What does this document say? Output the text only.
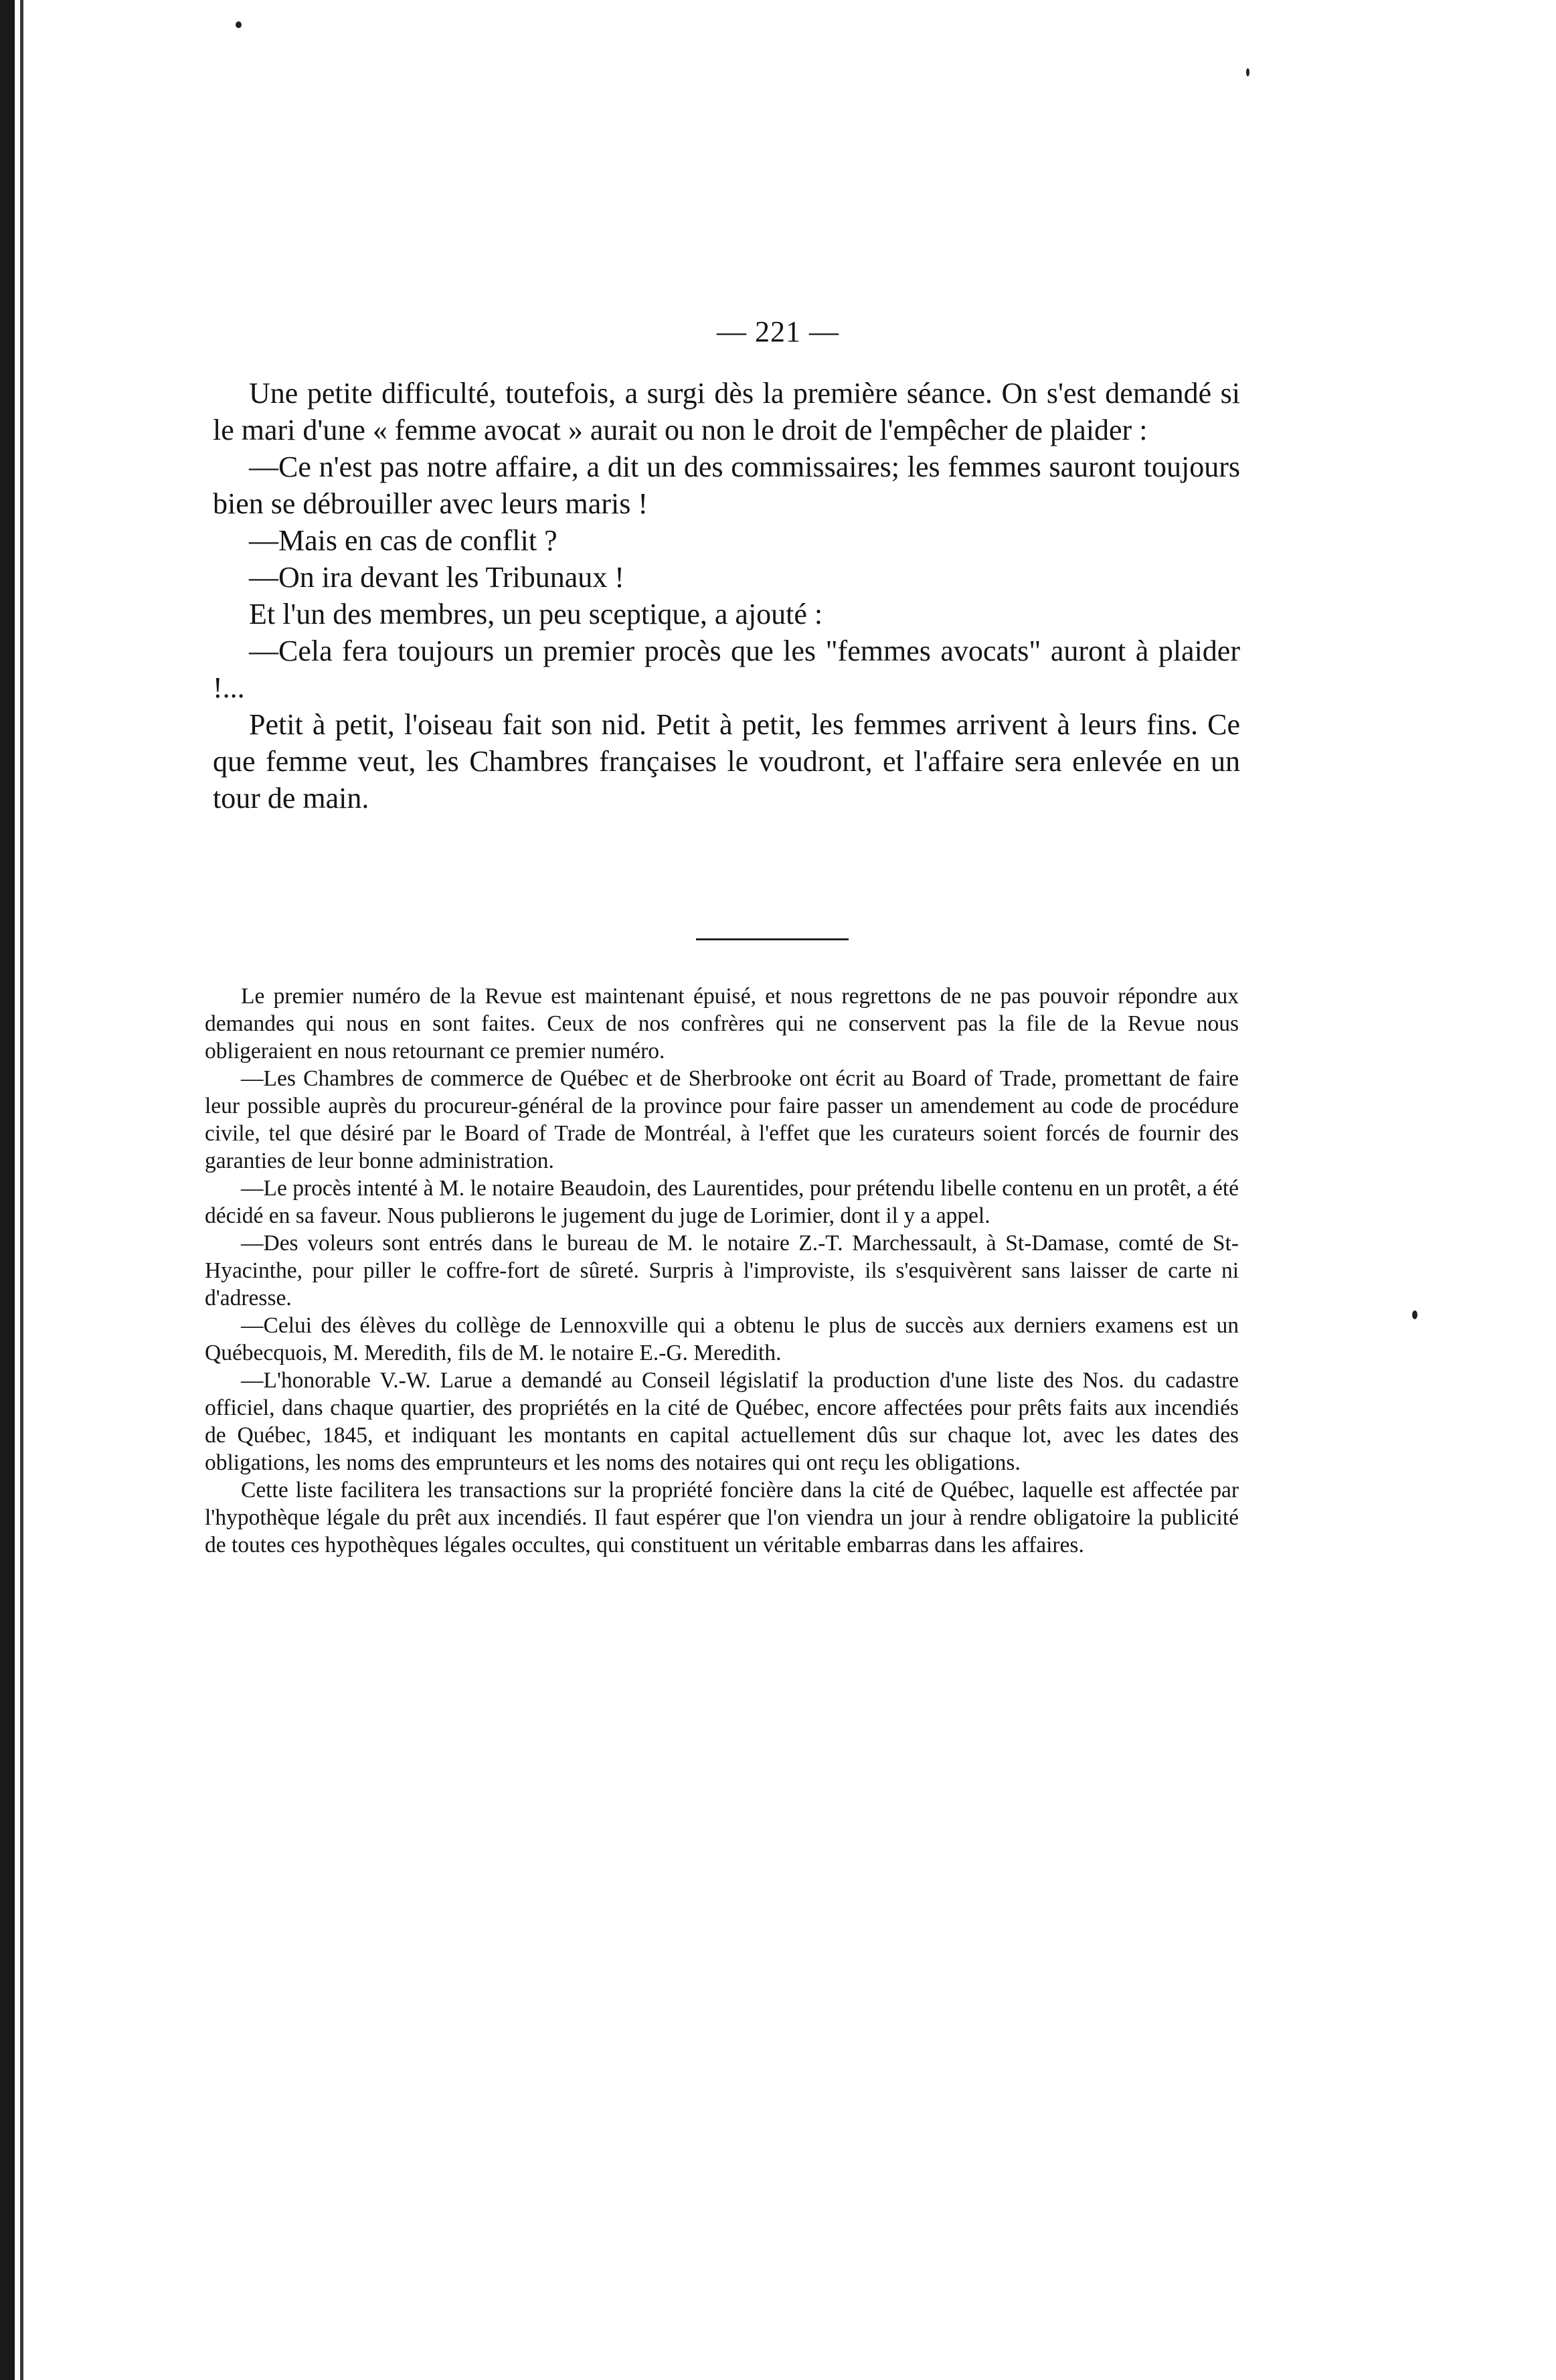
— 221 —

Une petite difficulté, toutefois, a surgi dès la première séance. On s'est demandé si le mari d'une « femme avocat » aurait ou non le droit de l'empêcher de plaider :

—Ce n'est pas notre affaire, a dit un des commissaires; les femmes sauront toujours bien se débrouiller avec leurs maris !

—Mais en cas de conflit ?

—On ira devant les Tribunaux !

Et l'un des membres, un peu sceptique, a ajouté :

—Cela fera toujours un premier procès que les "femmes avocats" auront à plaider !...

Petit à petit, l'oiseau fait son nid. Petit à petit, les femmes arrivent à leurs fins. Ce que femme veut, les Chambres françaises le voudront, et l'affaire sera enlevée en un tour de main.

Le premier numéro de la Revue est maintenant épuisé, et nous regrettons de ne pas pouvoir répondre aux demandes qui nous en sont faites. Ceux de nos confrères qui ne conservent pas la file de la Revue nous obligeraient en nous retournant ce premier numéro.

—Les Chambres de commerce de Québec et de Sherbrooke ont écrit au Board of Trade, promettant de faire leur possible auprès du procureur-général de la province pour faire passer un amendement au code de procédure civile, tel que désiré par le Board of Trade de Montréal, à l'effet que les curateurs soient forcés de fournir des garanties de leur bonne administration.

—Le procès intenté à M. le notaire Beaudoin, des Laurentides, pour prétendu libelle contenu en un protêt, a été décidé en sa faveur. Nous publierons le jugement du juge de Lorimier, dont il y a appel.

—Des voleurs sont entrés dans le bureau de M. le notaire Z.-T. Marchessault, à St-Damase, comté de St-Hyacinthe, pour piller le coffre-fort de sûreté. Surpris à l'improviste, ils s'esquivèrent sans laisser de carte ni d'adresse.

—Celui des élèves du collège de Lennoxville qui a obtenu le plus de succès aux derniers examens est un Québecquois, M. Meredith, fils de M. le notaire E.-G. Meredith.

—L'honorable V.-W. Larue a demandé au Conseil législatif la production d'une liste des Nos. du cadastre officiel, dans chaque quartier, des propriétés en la cité de Québec, encore affectées pour prêts faits aux incendiés de Québec, 1845, et indiquant les montants en capital actuellement dûs sur chaque lot, avec les dates des obligations, les noms des emprunteurs et les noms des notaires qui ont reçu les obligations.

Cette liste facilitera les transactions sur la propriété foncière dans la cité de Québec, laquelle est affectée par l'hypothèque légale du prêt aux incendiés. Il faut espérer que l'on viendra un jour à rendre obligatoire la publicité de toutes ces hypothèques légales occultes, qui constituent un véritable embarras dans les affaires.
